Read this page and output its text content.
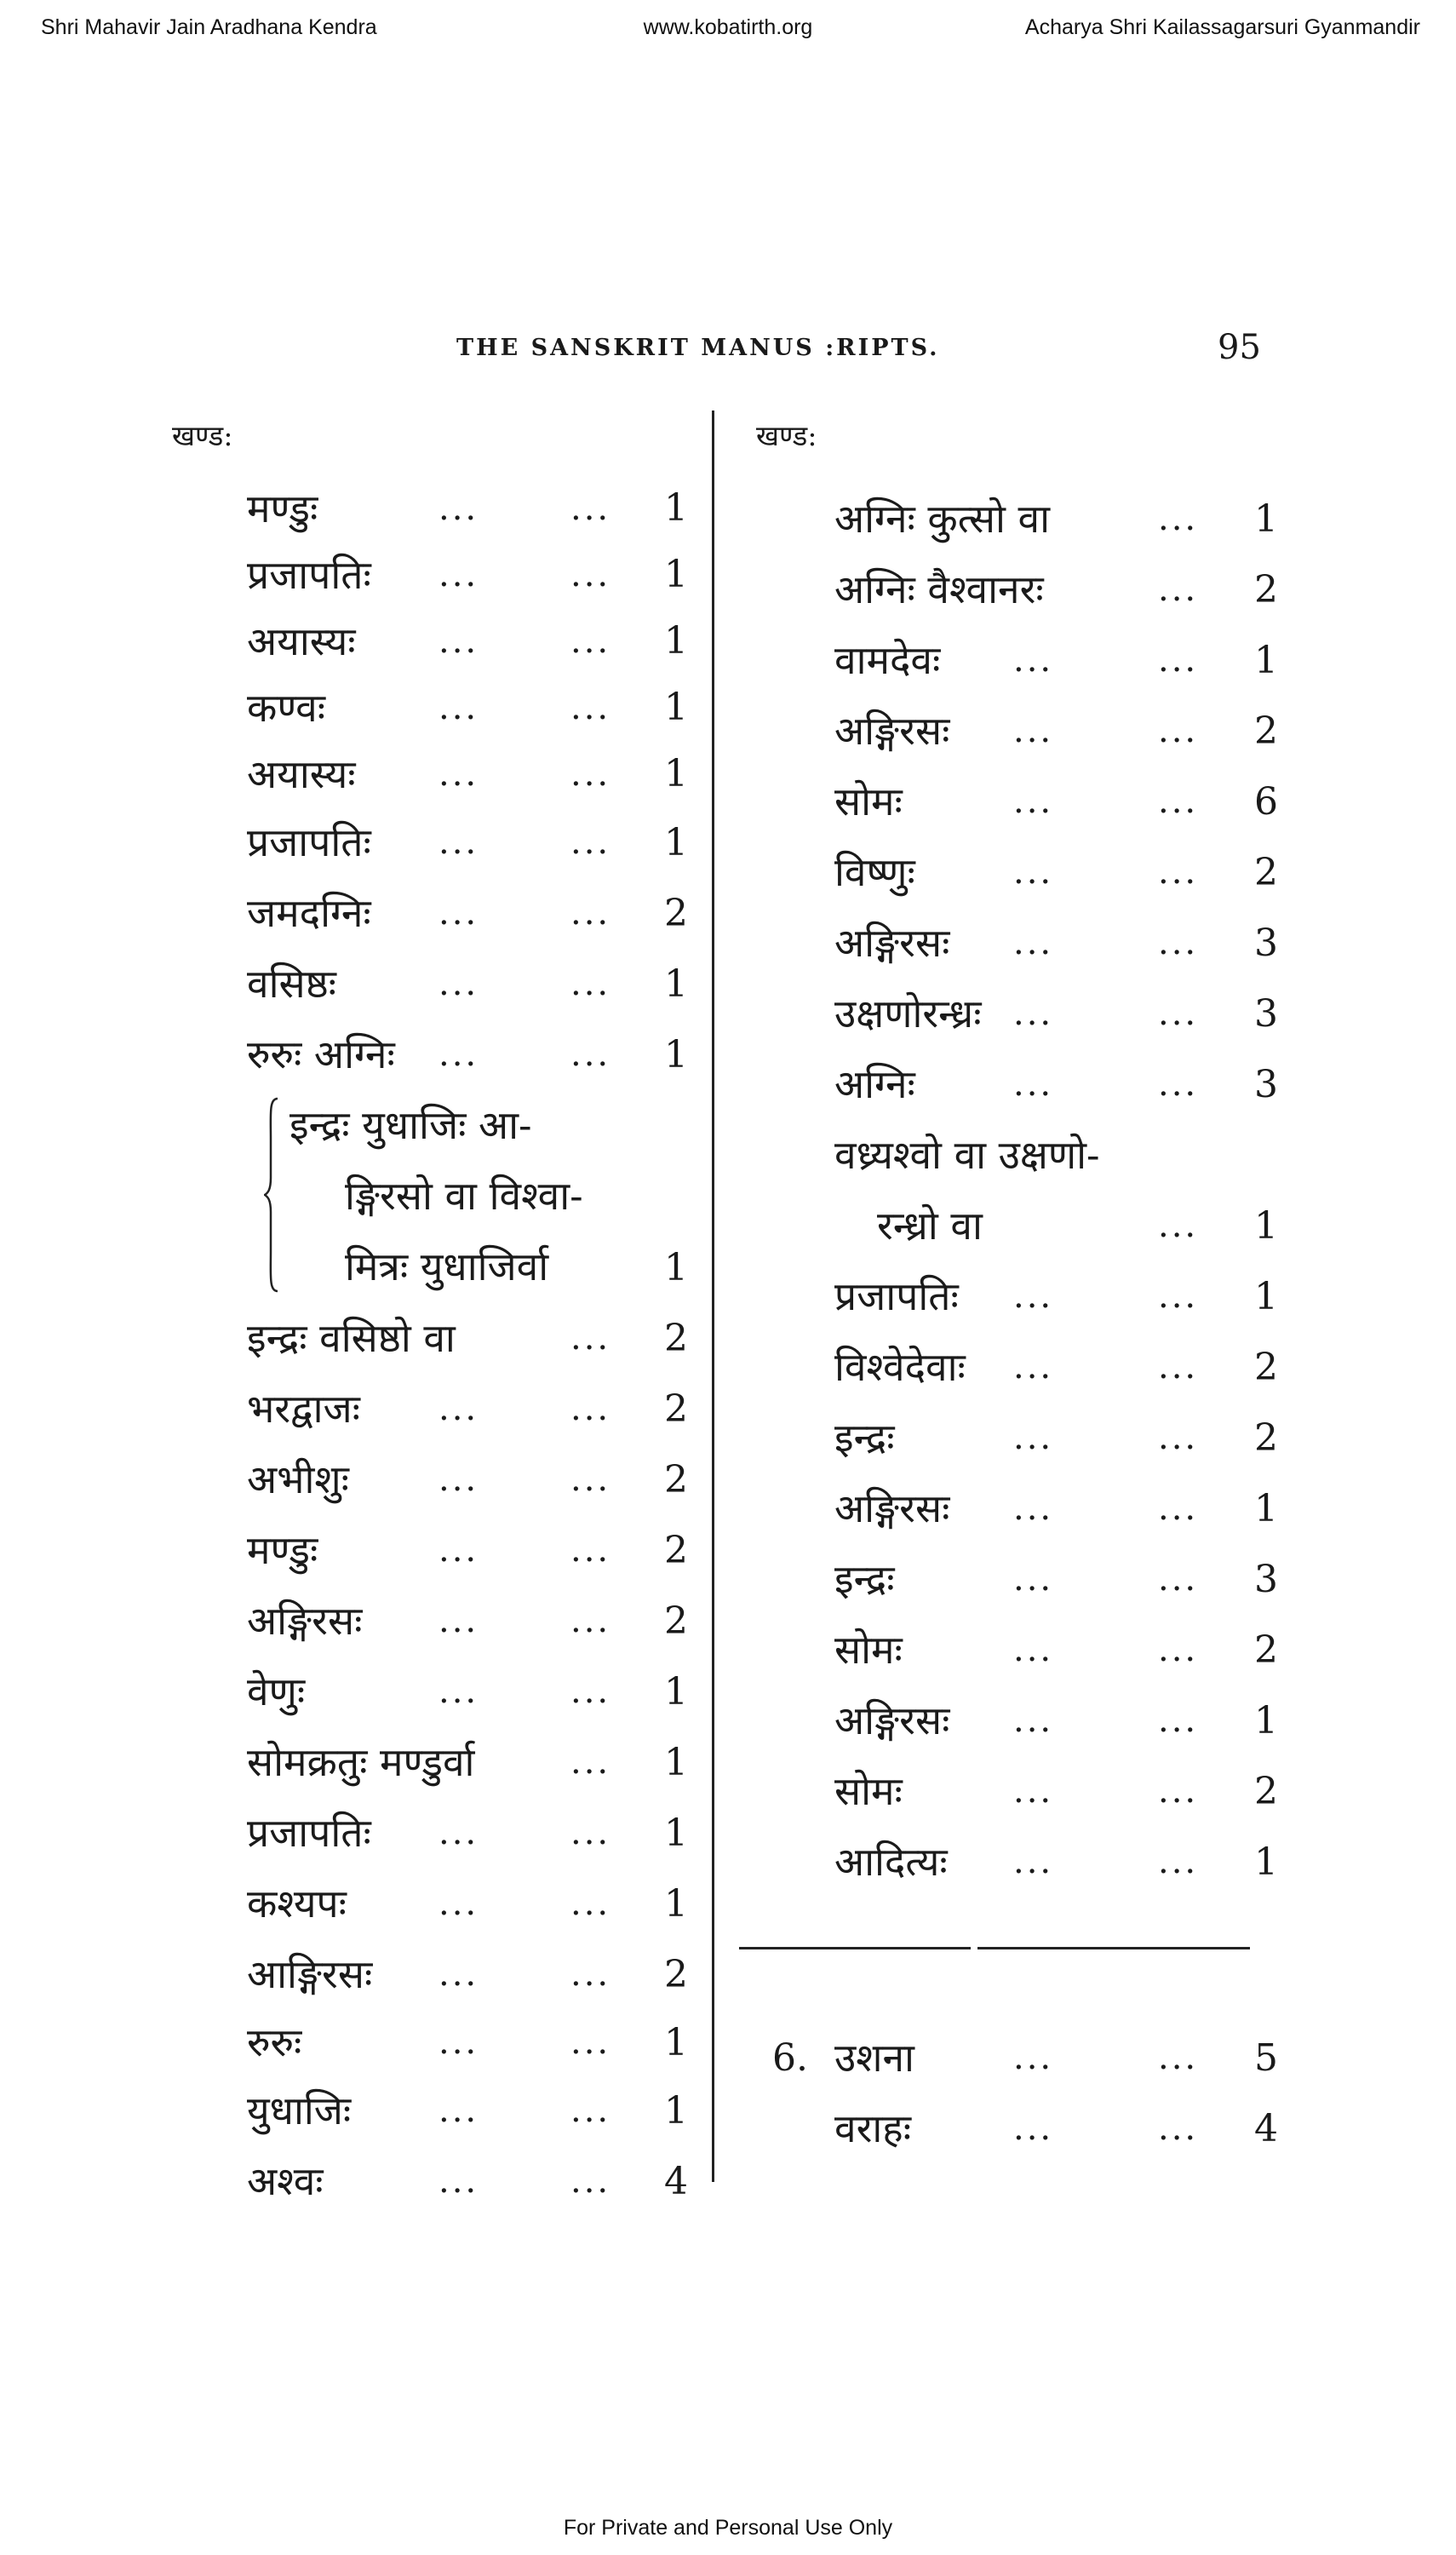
Shri Mahavir Jain Aradhana Kendra	www.kobatirth.org	Acharya Shri Kailassagarsuri Gyanmandir
THE SANSKRIT MANUS :RIPTS.	95
खण्ड:	खण्ड:
मण्डुः	...	... 1
प्रजापतिः ...	... 1
अयास्यः ...	... 1
कण्वः	...	... 1
अयास्यः ...	... 1
प्रजापतिः ...	... 1
जमदग्निः ...	... 2
वसिष्ठः	...	... 1
रुरुः अग्निः ...	... 1
इन्द्रः युधाजिः आ-
ङ्गिरसो वा विश्वा-
मित्रः युधाजिर्वा	1
इन्द्रः वसिष्ठो वा	... 2
भरद्वाजः ...	... 2
अभीशुः	...	... 2
मण्डुः	...	... 2
अङ्गिरसः ...	... 2
वेणुः	...	... 1
सोमक्रतुः मण्डुर्वा	... 1
प्रजापतिः ...	... 1
कश्यपः	...	... 1
आङ्गिरसः ...	... 2
रुरुः	...	... 1
युधाजिः	...	... 1
अश्वः	...	... 4
अग्निः कुत्सो वा	... 1
अग्निः वैश्वानरः	... 2
वामदेवः ...	... 1
अङ्गिरसः ...	... 2
सोमः	...	... 6
विष्णुः	...	... 2
अङ्गिरसः ...	... 3
उक्षणोरन्ध्रः ...	... 3
अग्निः	...	... 3
वध्र्यश्वो वा उक्षणो-
रन्ध्रो वा	... 1
प्रजापतिः ...	... 1
विश्वेदेवाः ...	... 2
इन्द्रः	...	... 2
अङ्गिरसः ...	... 1
इन्द्रः	...	... 3
सोमः	...	... 2
अङ्गिरसः ...	... 1
सोमः	...	... 2
आदित्यः ...	... 1
6. उशना	...	... 5
वराहः	...	... 4
For Private and Personal Use Only
